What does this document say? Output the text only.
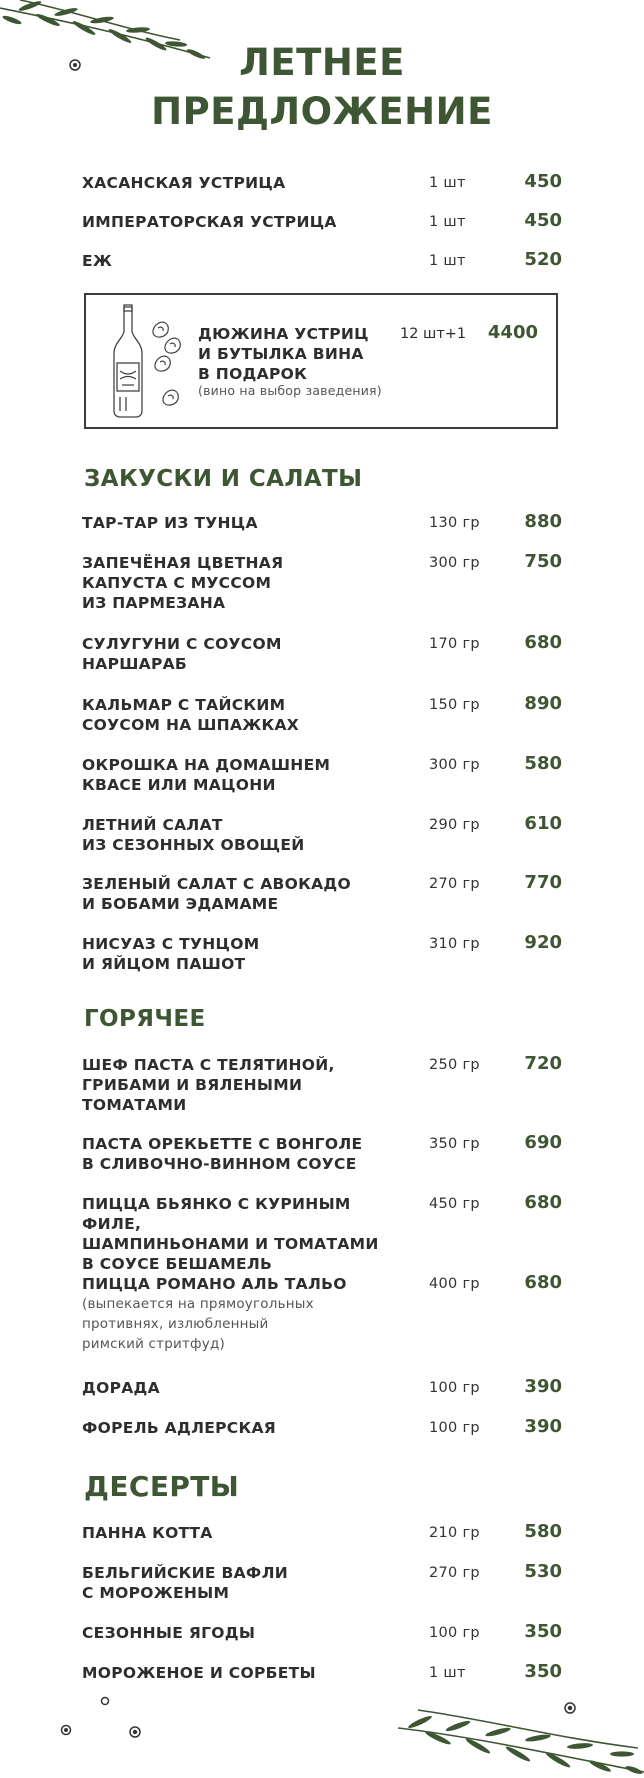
ЛЕТНЕЕ
ПРЕДЛОЖЕНИЕ
ХАСАНСКАЯ УСТРИЦА	1 шт	450
ИМПЕРАТОРСКАЯ УСТРИЦА	1 шт	450
ЕЖ	1 шт	520
ДЮЖИНА УСТРИЦ
И БУТЫЛКА ВИНА
В ПОДАРОК
(вино на выбор заведения)
12 шт+1 4400
ЗАКУСКИ И САЛАТЫ
ТАР-ТАР ИЗ ТУНЦА	130 гр 880
ЗАПЕЧЁНАЯ ЦВЕТНАЯ
КАПУСТА С МУССОМ
ИЗ ПАРМЕЗАНА
300 гр 750
СУЛУГУНИ С СОУСОМ
НАРШАРАБ
170 гр 680
КАЛЬМАР С ТАЙСКИМ
СОУСОМ НА ШПАЖКАХ
150 гр 890
ОКРОШКА НА ДОМАШНЕМ
КВАСЕ ИЛИ МАЦОНИ
300 гр 580
ЛЕТНИЙ САЛАТ
ИЗ СЕЗОННЫХ ОВОЩЕЙ
290 гр 610
ЗЕЛЕНЫЙ САЛАТ С АВОКАДО
И БОБАМИ ЭДАМАМЕ
270 гр 770
НИСУАЗ С ТУНЦОМ
И ЯЙЦОМ ПАШОТ
310 гр 920
ГОРЯЧЕЕ
ШЕФ ПАСТА С ТЕЛЯТИНОЙ,
ГРИБАМИ И ВЯЛЕНЫМИ
ТОМАТАМИ
250 гр 720
ПАСТА ОРЕКЬЕТТЕ С ВОНГОЛЕ
В СЛИВОЧНО-ВИННОМ СОУСЕ
350 гр 690
ПИЦЦА БЬЯНКО С КУРИНЫМ ФИЛЕ,
ШАМПИНЬОНАМИ И ТОМАТАМИ
В СОУСЕ БЕШАМЕЛЬ
450 гр 680
ПИЦЦА РОМАНО АЛЬ ТАЛЬО
(выпекается на прямоугольных
противнях, излюбленный
римский стритфуд)
400 гр 680
ДОРАДА	100 гр 390
ФОРЕЛЬ АДЛЕРСКАЯ	100 гр 390
ДЕСЕРТЫ
ПАННА КОТТА	210 гр 580
БЕЛЬГИЙСКИЕ ВАФЛИ
С МОРОЖЕНЫМ
270 гр 530
СЕЗОННЫЕ ЯГОДЫ	100 гр 350
МОРОЖЕНОЕ И СОРБЕТЫ	1 шт	350
